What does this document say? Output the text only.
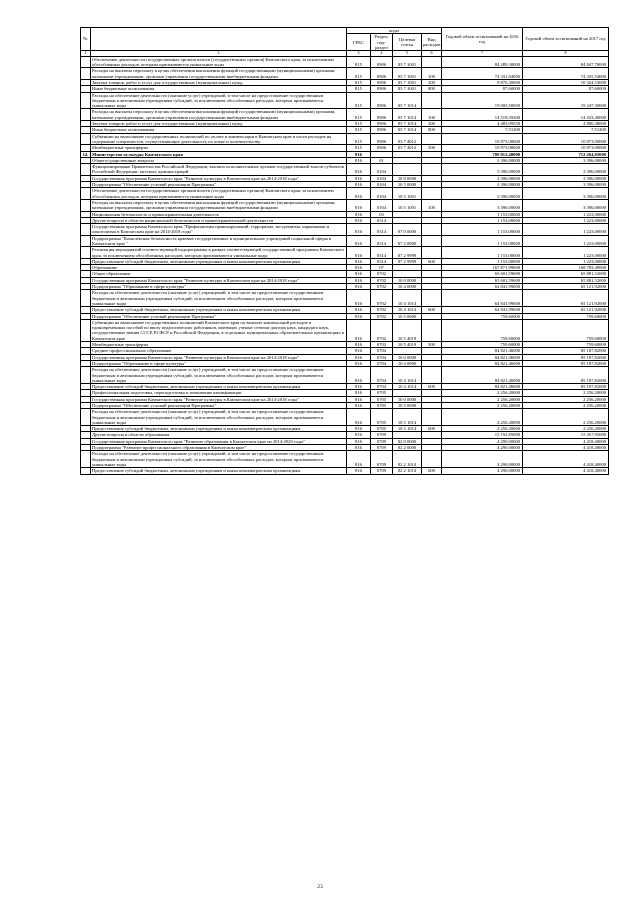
№		коды				Годовой объем ассигнований на 2016 год	Годовой объем ассигнований на 2017 год
		ГРБС	Раздел, под-раздел	Целевая статья	Вид расходов		
1	2	3	4	5	6	7	8
	Обеспечение деятельности государственных органов власти (государственных органов) Камчатского края, за исключением обособленных расходов, которым присваиваются уникальные коды	815	0906	03 7 1001		84 289,30000	84 847,70000
	Расходы на выплаты персоналу в целях обеспечения выполнения функций государственными (муниципальными) органами, казенными учреждениями, органами управления государственными внебюджетными фондами	815	0906	03 7 1001	100	74 331,04000	74 435,54000
	Закупка товаров, работ и услуг для государственных (муниципальных) нужд	815	0906	03 7 1001	200	9 870,30000	10 324,53000
	Иные бюджетные ассигнования	815	0906	03 7 1001	800	87,60000	87,60000
	Расходы на обеспечение деятельности (оказание услуг) учреждений, в том числе на предоставление государственным бюджетным и автономным учреждениям субсидий, за исключением обособленных расходов, которым присваиваются уникальные коды	815	0906	03 7 1014		19 005,50000	19 247,30000
	Расходы на выплаты персоналу в целях обеспечения выполнения функций государственными (муниципальными) органами, казенными учреждениями, органами управления государственными внебюджетными фондами	815	0906	03 7 1014	100	14 518,59200	14 433,40000
	Закупка товаров, работ и услуг для государственных (муниципальных) нужд	815	0906	03 7 1014	200	4 483,09550	4 806,38000
	Иные бюджетные ассигнования	815	0906	03 7 1014	800	7,51200	7,51200
	Субвенции на выполнение государственных полномочий по оплате и компенсации в Камчатском крае в части расходов на содержание специалистов, осуществляющих деятельность по опеке и попечительству	815	0906	03 7 4012		10 873,00000	10 873,00000
	Межбюджетные трансферты	815	0906	03 7 4012	500	10 873,00000	10 873,00000
14.	Министерство культуры Камчатского края	816				708 012,40000	712 264,05000
	Общегосударственные вопросы	816	01			3 396,00000	3 396,00000
	Функционирование Правительства Российской Федерации, высших исполнительных органов государственной власти субъектов Российской Федерации, местных администраций	816	0104			3 396,00000	3 396,00000
	Государственная программа Камчатского края "Развитие культуры в Камчатском крае на 2014-2018 годы"	816	0104	10 0 0000		3 396,00000	3 396,00000
	Подпрограмма "Обеспечение условий реализации Программы"	816	0104	10 5 0000		3 396,00000	3 396,00000
	Обеспечение деятельности государственных органов власти (государственных органов) Камчатского края, за исключением обособленных расходов, которым присваиваются уникальные коды	816	0104	10 5 1001		3 396,00000	3 396,00000
	Расходы на выплаты персоналу в целях обеспечения выполнения функций государственными (муниципальными) органами, казенными учреждениями, органами управления государственными внебюджетными фондами	816	0104	10 5 1001	100	3 396,00000	3 396,00000
	Национальная безопасность и правоохранительная деятельность	816	03			1 153,00000	1 223,00000
	Другие вопросы в области национальной безопасности и правоохранительной деятельности	816	0314			1 153,00000	1 223,00000
	Государственная программа Камчатского края "Профилактика правонарушений, терроризма, экстремизма, наркомании и алкоголизма в Камчатском крае на 2014-2018 годы"	816	0314	07 0 0000		1 153,00000	1 223,00000
	Подпрограмма "Комплексная безопасность краевых государственных и муниципальных учреждений социальной сферы в Камчатском крае "	816	0314	07 2 0000		1 153,00000	1 223,00000
	Реализация мероприятий соответствующей подпрограммы в рамках соответствующей государственной программы Камчатского края, за исключением обособленных расходов, которым присваиваются уникальные коды	816	0314	07 2 9999		1 153,00000	1 223,00000
	Предоставление субсидий бюджетным, автономным учреждениям и иным некоммерческим организациям	816	0314	07 2 9999	600	1 153,00000	1 223,00000
	Образование	816	07			167 871,99600	168 783,49000
	Общее образование	816	0702			65 601,59600	65 881,52000
	Государственная программа Камчатского края "Развитие культуры в Камчатском крае на 2014-2018 годы"	816	0702	10 0 0000		65 601,59600	65 881,52000
	Подпрограмма "Образование в сфере культуры"	816	0702	10 4 0000		64 841,99600	65 121,92000
	Расходы на обеспечение деятельности (оказание услуг) учреждений, в том числе на предоставление государственным бюджетным и автономным учреждениям субсидий, за исключением обособленных расходов, которым присваиваются уникальные коды	816	0702	10 4 1014		64 841,99600	65 121,92000
	Предоставление субсидий бюджетным, автономным учреждениям и иным некоммерческим организациям	816	0702	10 4 1014	600	64 841,99600	65 121,92000
	Подпрограмма "Обеспечение условий реализации Программы"	816	0702	10 5 0000		759,60000	759,60000
	Субвенции на выполнение государственных полномочий Камчатского края по выплате компенсаций расходов и единовременных пособий по ввозу педагогических работников, имеющих ученые степени доктора наук, кандидата наук, государственные звания СССР, РСФСР и Российской Федерации, в отдельных муниципальных образовательных организациях в Камчатском крае	816	0702	10 5 4019		759,60000	759,60000
	Межбюджетные трансферты	816	0702	10 5 4019	500	759,60000	759,60000
	Среднее профессиональное образование	816	0704			84 821,46000	85 187,82000
	Государственная программа Камчатского края "Развитие культуры в Камчатском крае на 2014-2018 годы"	816	0704	10 0 0000		84 821,46000	85 187,82000
	Подпрограмма "Образование в сфере культуры"	816	0704	10 4 0000		84 821,46000	85 187,82000
	Расходы на обеспечение деятельности (оказание услуг) учреждений, в том числе на предоставление государственным бюджетным и автономным учреждениям субсидий, за исключением обособленных расходов, которым присваиваются уникальные коды	816	0704	10 4 1014		84 821,46000	85 187,82000
	Предоставление субсидий бюджетным, автономным учреждениям и иным некоммерческим организациям	816	0704	10 4 1014	600	84 821,46000	85 187,82000
	Профессиональная подготовка, переподготовка и повышение квалификации	816	0705			2 256,20000	2 256,20000
	Государственная программа Камчатского края "Развитие культуры в Камчатском крае на 2014-2018 годы"	816	0705	10 0 0000		2 256,20000	2 256,20000
	Подпрограмма "Обеспечение условий реализации Программы"	816	0705	10 5 0000		2 256,20000	2 256,20000
	Расходы на обеспечение деятельности (оказание услуг) учреждений, в том числе на предоставление государственным бюджетным и автономным учреждениям субсидий, за исключением обособленных расходов, которым присваиваются уникальные коды	816	0705	10 5 1014		2 256,20000	2 256,20000
	Предоставление субсидий бюджетным, автономным учреждениям и иным некоммерческим организациям	816	0705	10 5 1014	600	2 256,20000	2 256,20000
	Другие вопросы в области образования	816	0709			15 192,85000	15 457,95000
	Государственная программа Камчатского края "Развитие образования в Камчатском крае на 2014-2020 годы"	816	0709	02 0 0000		4 290,00000	4 418,40000
	Подпрограмма "Развитие профессионального образования в Камчатском крае"	816	0709	02 2 0000		4 290,00000	4 418,40000
	Расходы на обеспечение деятельности (оказание услуг) учреждений, в том числе на предоставление государственным бюджетным и автономным учреждениям субсидий, за исключением обособленных расходов, которым присваиваются уникальные коды	816	0709	02 2 1014		4 290,00000	4 418,40000
	Предоставление субсидий бюджетным, автономным учреждениям и иным некоммерческим организациям	816	0709	02 2 1014	600	4 290,00000	4 418,40000
23
